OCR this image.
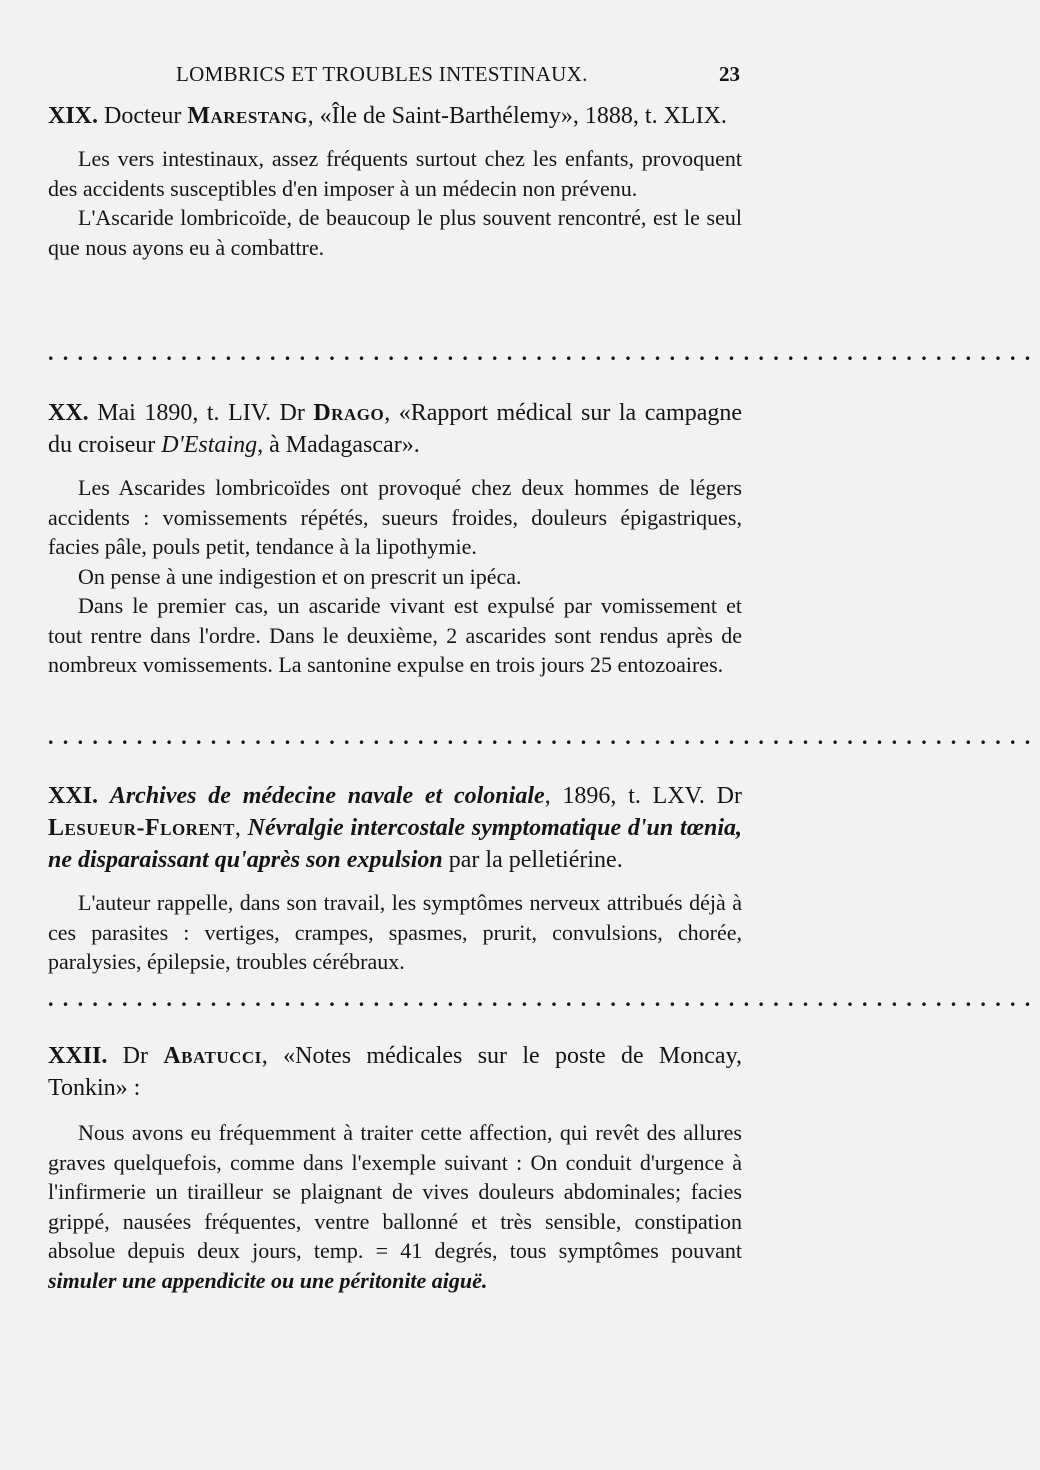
LOMBRICS ET TROUBLES INTESTINAUX.	23

XIX. Docteur Marestang, «Île de Saint-Barthélemy», 1888, t. XLIX.

Les vers intestinaux, assez fréquents surtout chez les enfants, provoquent des accidents susceptibles d'en imposer à un médecin non prévenu.

L'Ascaride lombricoïde, de beaucoup le plus souvent rencontré, est le seul que nous ayons eu à combattre.

...................................................................

XX. Mai 1890, t. LIV. Dr Drago, «Rapport médical sur la campagne du croiseur D'Estaing, à Madagascar».

Les Ascarides lombricoïdes ont provoqué chez deux hommes de légers accidents : vomissements répétés, sueurs froides, douleurs épigastriques, facies pâle, pouls petit, tendance à la lipothymie.

On pense à une indigestion et on prescrit un ipéca.

Dans le premier cas, un ascaride vivant est expulsé par vomissement et tout rentre dans l'ordre. Dans le deuxième, 2 ascarides sont rendus après de nombreux vomissements. La santonine expulse en trois jours 25 entozoaires.

...................................................................

XXI. Archives de médecine navale et coloniale, 1896, t. LXV. Dr Lesueur-Florent, Névralgie intercostale symptomatique d'un tœnia, ne disparaissant qu'après son expulsion par la pelletiérine.

L'auteur rappelle, dans son travail, les symptômes nerveux attribués déjà à ces parasites : vertiges, crampes, spasmes, prurit, convulsions, chorée, paralysies, épilepsie, troubles cérébraux.

...................................................................

XXII. Dr Abatucci, «Notes médicales sur le poste de Moncay, Tonkin» :

Nous avons eu fréquemment à traiter cette affection, qui revêt des allures graves quelquefois, comme dans l'exemple suivant : On conduit d'urgence à l'infirmerie un tirailleur se plaignant de vives douleurs abdominales; facies grippé, nausées fréquentes, ventre ballonné et très sensible, constipation absolue depuis deux jours, temp. = 41 degrés, tous symptômes pouvant simuler une appendicite ou une péritonite aiguë.
